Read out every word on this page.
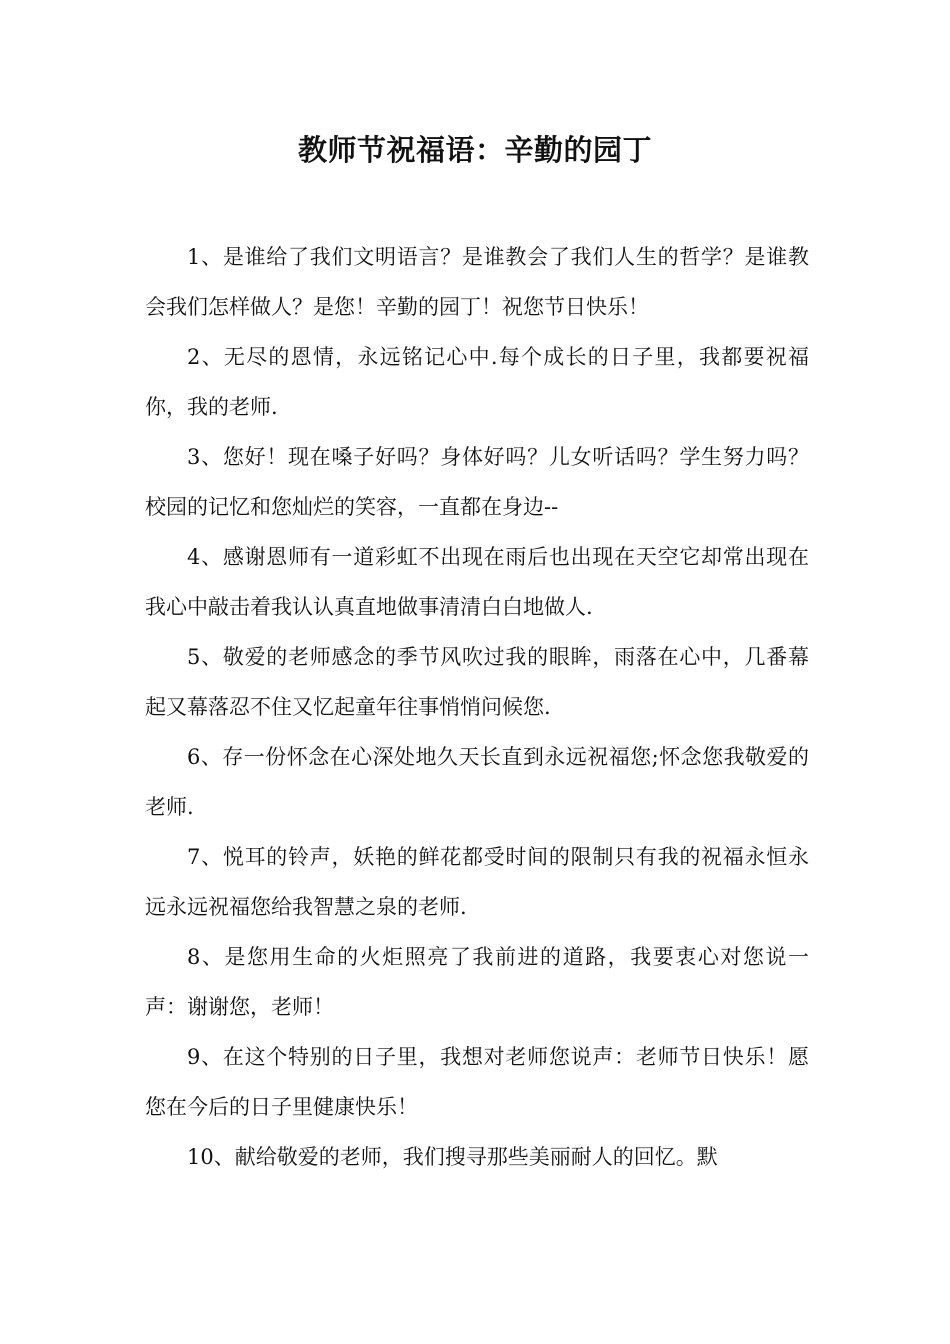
教师节祝福语：辛勤的园丁

1、是谁给了我们文明语言？是谁教会了我们人生的哲学？是谁教会我们怎样做人？是您！辛勤的园丁！祝您节日快乐！

2、无尽的恩情，永远铭记心中.每个成长的日子里，我都要祝福你，我的老师.

3、您好！现在嗓子好吗？身体好吗？儿女听话吗？学生努力吗？校园的记忆和您灿烂的笑容，一直都在身边--

4、感谢恩师有一道彩虹不出现在雨后也出现在天空它却常出现在我心中敲击着我认认真直地做事清清白白地做人.

5、敬爱的老师感念的季节风吹过我的眼眸，雨落在心中，几番幕起又幕落忍不住又忆起童年往事悄悄问候您.

6、存一份怀念在心深处地久天长直到永远祝福您;怀念您我敬爱的老师.

7、悦耳的铃声，妖艳的鲜花都受时间的限制只有我的祝福永恒永远永远祝福您给我智慧之泉的老师.

8、是您用生命的火炬照亮了我前进的道路，我要衷心对您说一声：谢谢您，老师！

9、在这个特别的日子里，我想对老师您说声：老师节日快乐！愿您在今后的日子里健康快乐！

10、献给敬爱的老师，我们搜寻那些美丽耐人的回忆。默
